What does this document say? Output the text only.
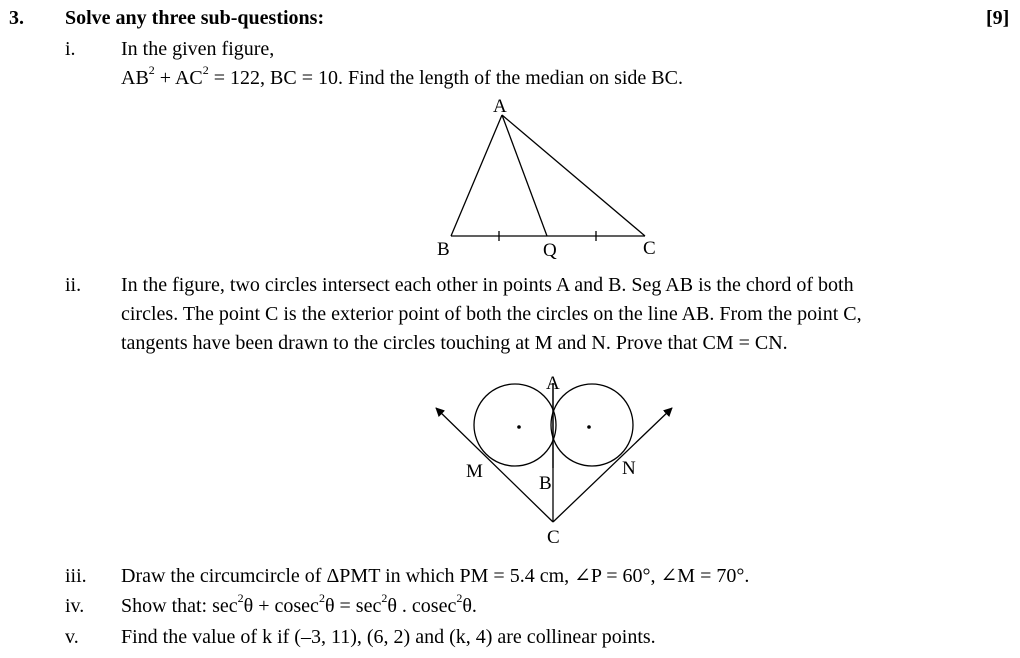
3. Solve any three sub-questions:	[9]
i. In the given figure,
$AB^2 + AC^2 = 122$, BC = 10. Find the length of the median on side BC.
A
B	Q	C
ii. In the figure, two circles intersect each other in points A and B. Seg AB is the chord of both
circles. The point C is the exterior point of both the circles on the line AB. From the point C,
tangents have been drawn to the circles touching at M and N. Prove that CM = CN.
A
B
C
M	N
iii. Draw the circumcircle of ΔPMT in which PM = 5.4 cm, ∠P = 60°, ∠M = 70°.
iv. Show that: $\sec^2\theta + cosec^2\theta = \sec^2\theta$ . cosec$^2$θ.
v. Find the value of k if (–3, 11), (6, 2) and (k, 4) are collinear points.
